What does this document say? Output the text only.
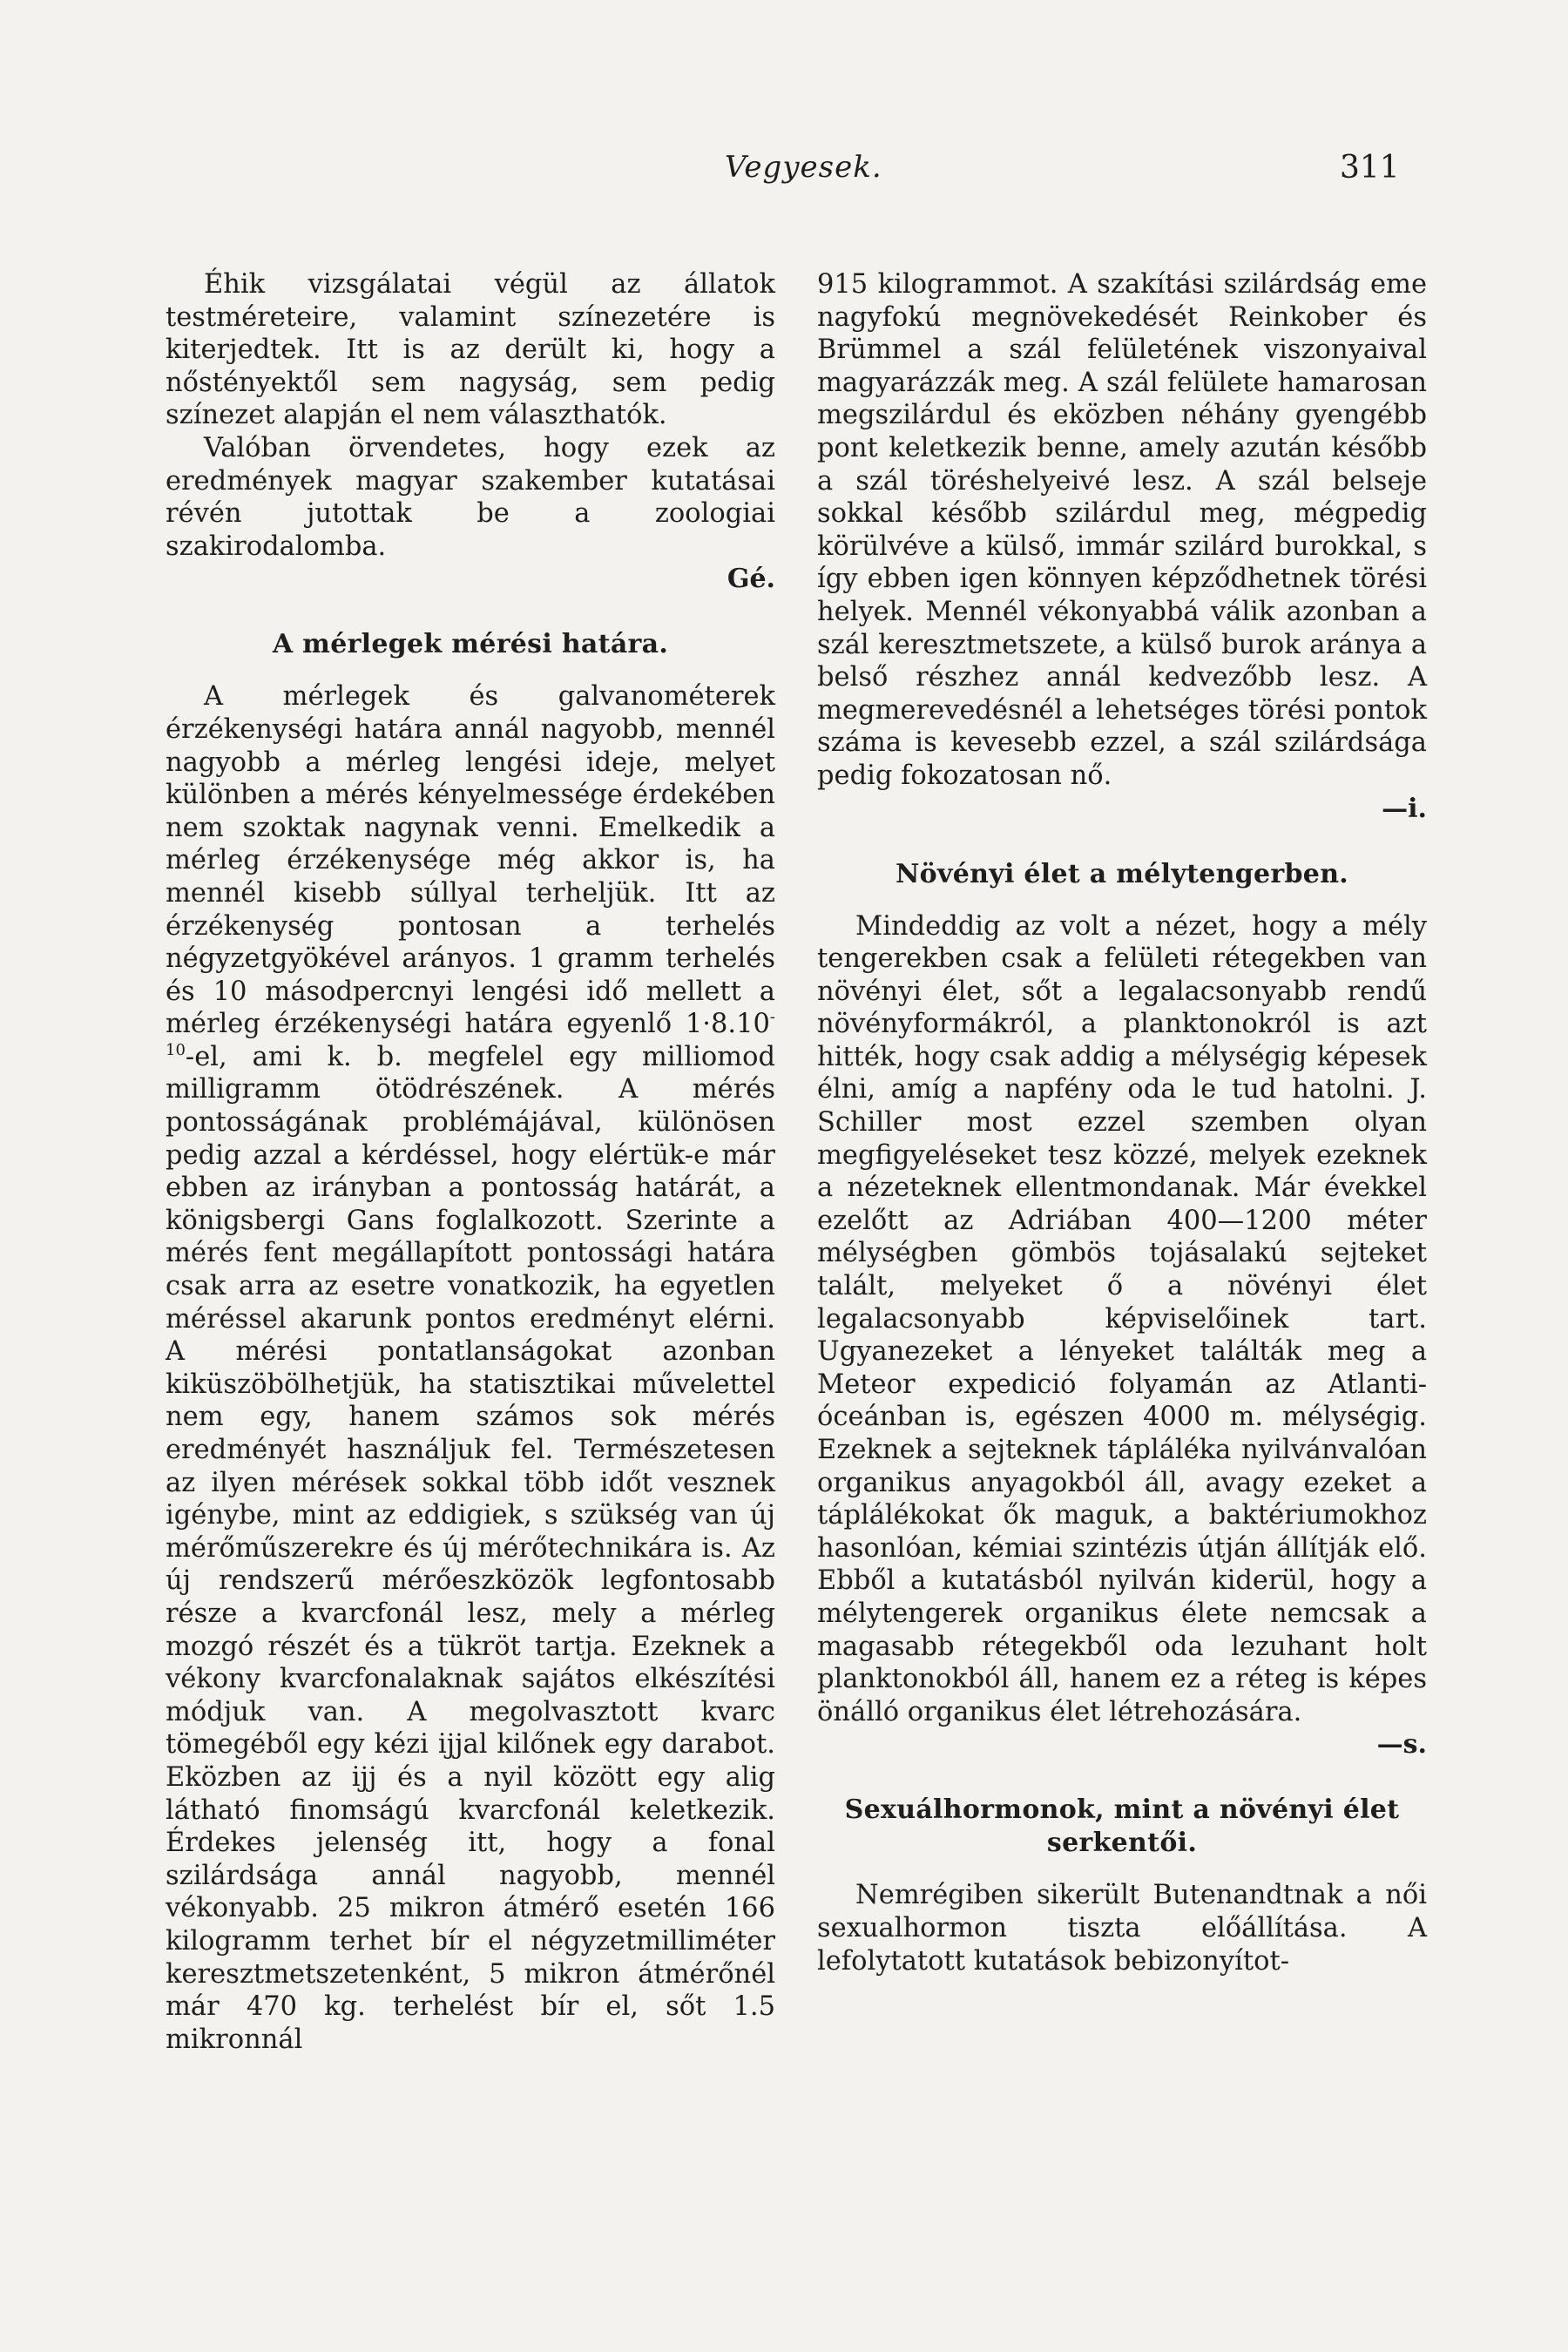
Vegyesek.	311

Éhik vizsgálatai végül az állatok testméreteire, valamint színezetére is kiterjedtek. Itt is az derült ki, hogy a nőstényektől sem nagyság, sem pedig színezet alapján el nem választhatók.

Valóban örvendetes, hogy ezek az eredmények magyar szakember kutatásai révén jutottak be a zoologiai szakirodalomba.

Gé.

A mérlegek mérési határa.

A mérlegek és galvanométerek érzékenységi határa annál nagyobb, mennél nagyobb a mérleg lengési ideje, melyet különben a mérés kényelmessége érdekében nem szoktak nagynak venni. Emelkedik a mérleg érzékenysége még akkor is, ha mennél kisebb súllyal terheljük. Itt az érzékenység pontosan a terhelés négyzetgyökével arányos. 1 gramm terhelés és 10 másodpercnyi lengési idő mellett a mérleg érzékenységi határa egyenlő $1\cdot 8.10^{-10}-el$, ami k. b. megfelel egy milliomod milligramm ötödrészének. A mérés pontosságának problémájával, különösen pedig azzal a kérdéssel, hogy elértük-e már ebben az irányban a pontosság határát, a königsbergi Gans foglalkozott. Szerinte a mérés fent megállapított pontossági határa csak arra az esetre vonatkozik, ha egyetlen méréssel akarunk pontos eredményt elérni. A mérési pontatlanságokat azonban kiküszöbölhetjük, ha statisztikai művelettel nem egy, hanem számos sok mérés eredményét használjuk fel. Természetesen az ilyen mérések sokkal több időt vesznek igénybe, mint az eddigiek, s szükség van új mérőműszerekre és új mérőtechnikára is. Az új rendszerű mérőeszközök legfontosabb része a kvarcfonál lesz, mely a mérleg mozgó részét és a tükröt tartja. Ezeknek a vékony kvarcfonalaknak sajátos elkészítési módjuk van. A megolvasztott kvarc tömegéből egy kézi ijjal kilőnek egy darabot. Eközben az ijj és a nyil között egy alig látható finomságú kvarcfonál keletkezik. Érdekes jelenség itt, hogy a fonal szilárdsága annál nagyobb, mennél vékonyabb. 25 mikron átmérő esetén 166 kilogramm terhet bír el négyzetmilliméter keresztmetszetenként, 5 mikron átmérőnél már 470 kg. terhelést bír el, sőt 1.5 mikronnál

915 kilogrammot. A szakítási szilárdság eme nagyfokú megnövekedését Reinkober és Brümmel a szál felületének viszonyaival magyarázzák meg. A szál felülete hamarosan megszilárdul és eközben néhány gyengébb pont keletkezik benne, amely azután később a szál töréshelyeivé lesz. A szál belseje sokkal később szilárdul meg, mégpedig körülvéve a külső, immár szilárd burokkal, s így ebben igen könnyen képződhetnek törési helyek. Mennél vékonyabbá válik azonban a szál keresztmetszete, a külső burok aránya a belső részhez annál kedvezőbb lesz. A megmerevedésnél a lehetséges törési pontok száma is kevesebb ezzel, a szál szilárdsága pedig fokozatosan nő.

—i.

Növényi élet a mélytengerben.

Mindeddig az volt a nézet, hogy a mély tengerekben csak a felületi rétegekben van növényi élet, sőt a legalacsonyabb rendű növényformákról, a planktonokról is azt hitték, hogy csak addig a mélységig képesek élni, amíg a napfény oda le tud hatolni. J. Schiller most ezzel szemben olyan megfigyeléseket tesz közzé, melyek ezeknek a nézeteknek ellentmondanak. Már évekkel ezelőtt az Adriában 400—1200 méter mélységben gömbös tojásalakú sejteket talált, melyeket ő a növényi élet legalacsonyabb képviselőinek tart. Ugyanezeket a lényeket találták meg a Meteor expedició folyamán az Atlanti-óceánban is, egészen 4000 m. mélységig. Ezeknek a sejteknek tápláléka nyilvánvalóan organikus anyagokból áll, avagy ezeket a táplálékokat ők maguk, a baktériumokhoz hasonlóan, kémiai szintézis útján állítják elő. Ebből a kutatásból nyilván kiderül, hogy a mélytengerek organikus élete nemcsak a magasabb rétegekből oda lezuhant holt planktonokból áll, hanem ez a réteg is képes önálló organikus élet létrehozására.

—s.

Sexuálhormonok, mint a növényi élet serkentői.

Nemrégiben sikerült Butenandtnak a női sexualhormon tiszta előállítása. A lefolytatott kutatások bebizonyítot-
